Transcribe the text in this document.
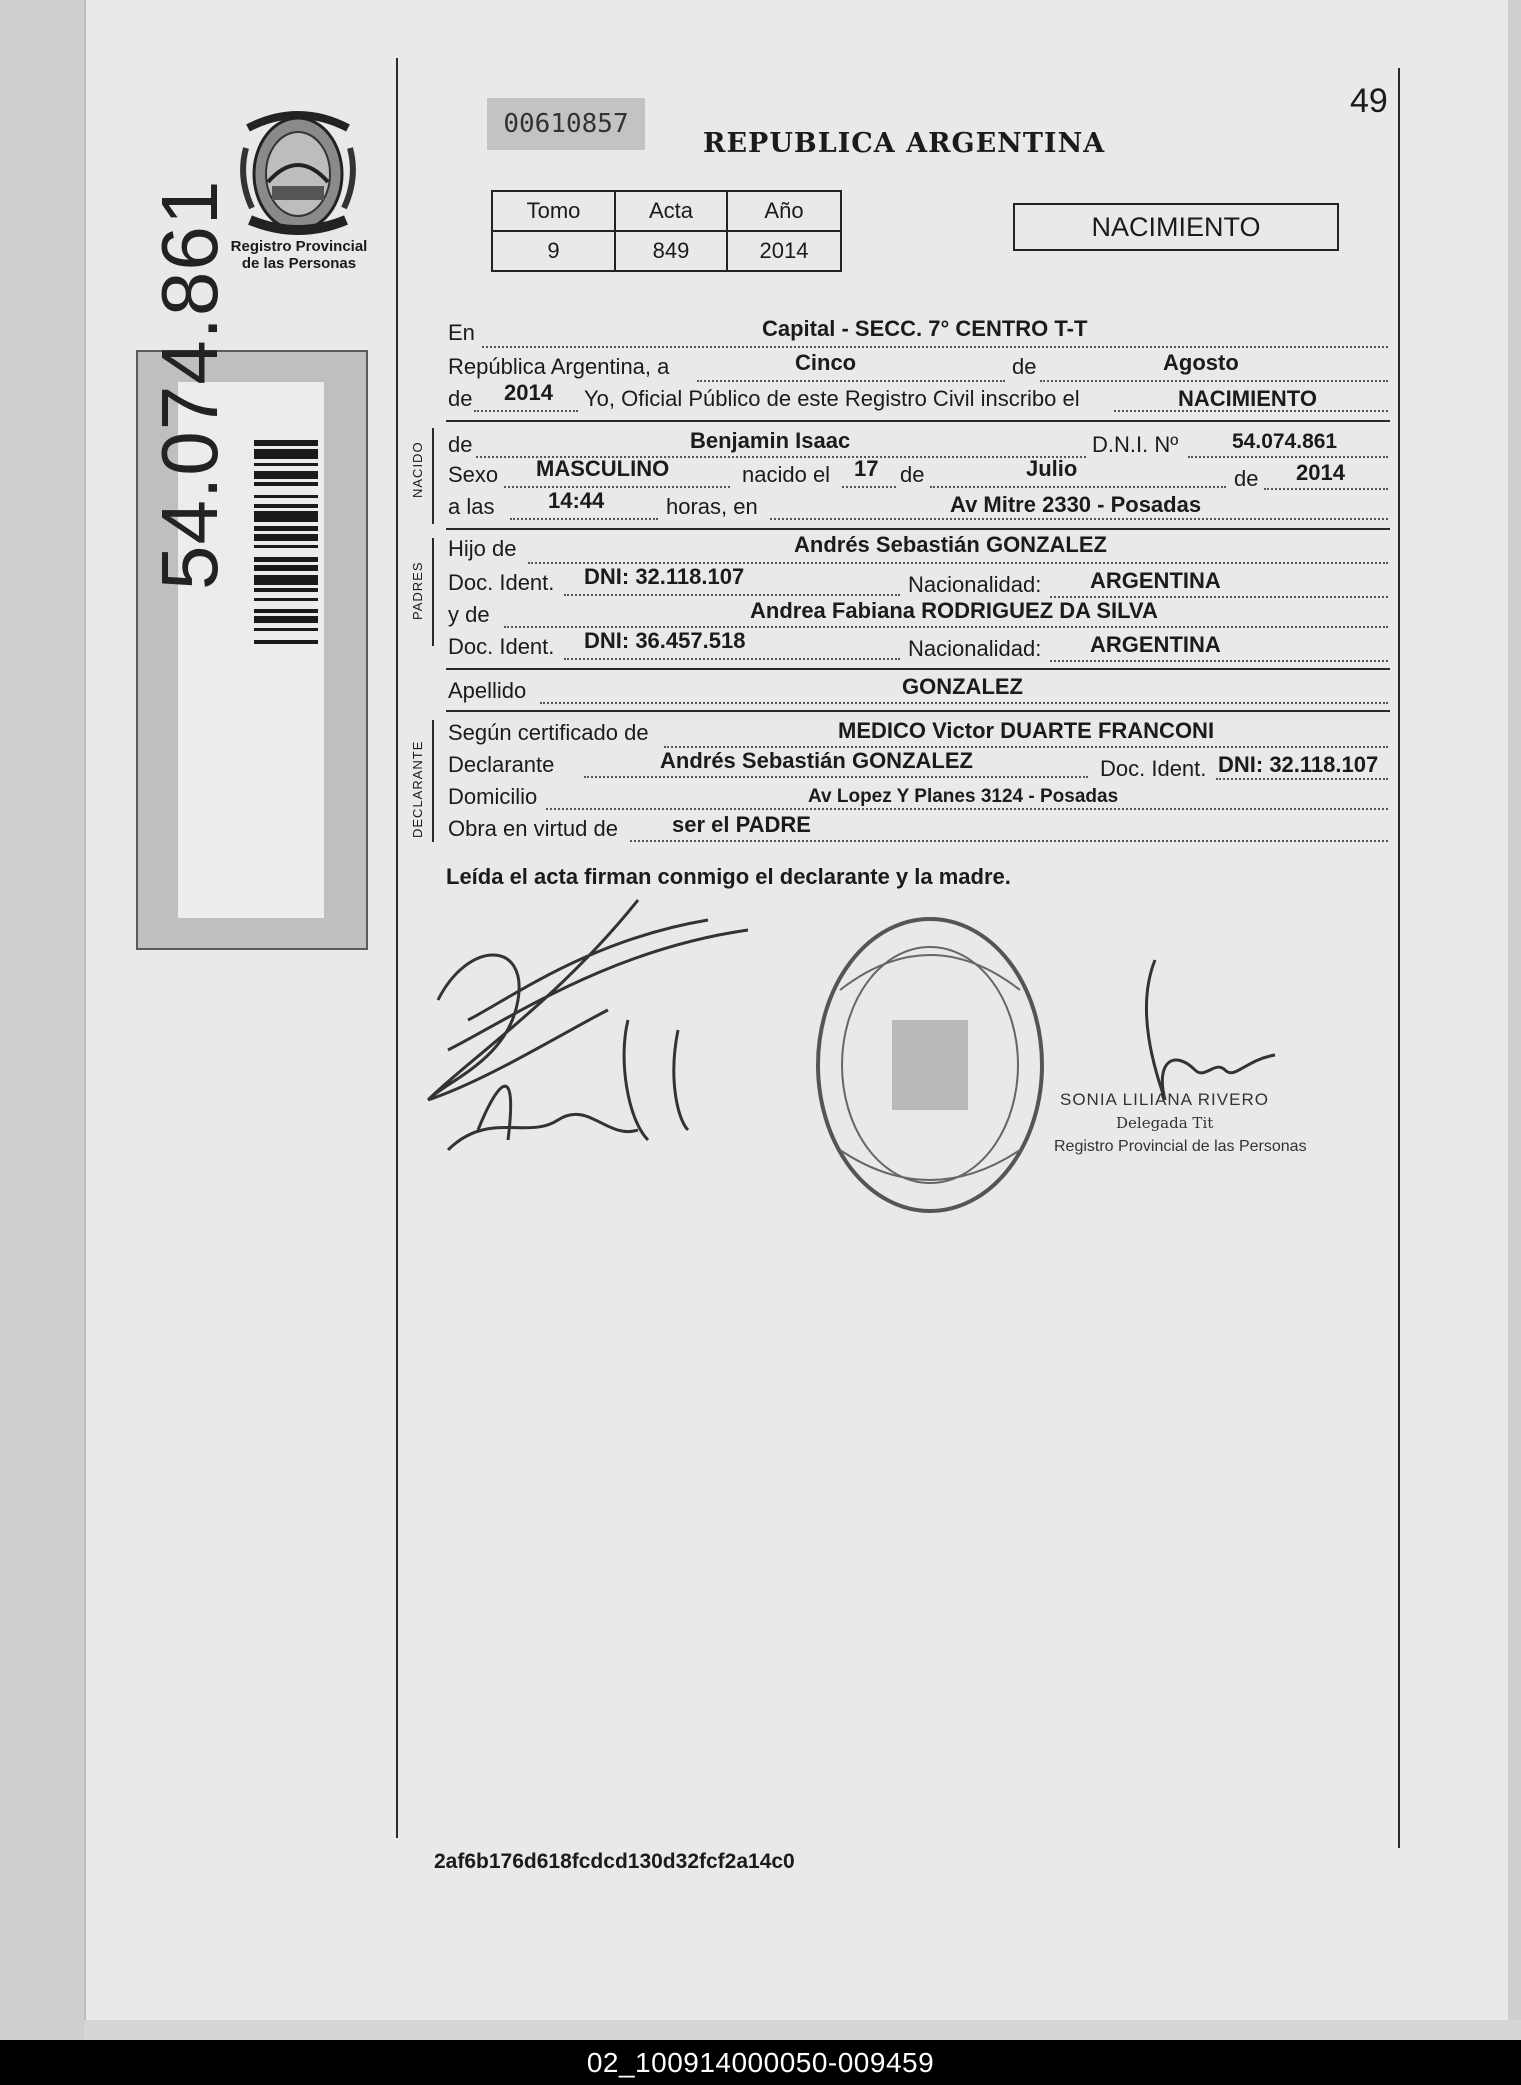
Registro Provincial
de las Personas
54.074.861
00610857
REPUBLICA ARGENTINA
49
Tomo	Acta	Año
9	849	2014
NACIMIENTO
En	Capital - SECC. 7° CENTRO T-T
República Argentina, a	Cinco	de	Agosto
de 2014 Yo, Oficial Público de este Registro Civil inscribo el	NACIMIENTO
NACIDO de	Benjamin Isaac	D.N.I. Nº	54.074.861
Sexo MASCULINO	nacido el 17 de	Julio	de 2014
a las 14:44	horas, en	Av Mitre 2330 - Posadas
PADRES
Hijo de	Andrés Sebastián GONZALEZ
Doc. Ident. DNI: 32.118.107	Nacionalidad: ARGENTINA
y de	Andrea Fabiana RODRIGUEZ DA SILVA
Doc. Ident. DNI: 36.457.518	Nacionalidad: ARGENTINA
Apellido	GONZALEZ
DECLARANTE
Según certificado de	MEDICO Victor DUARTE FRANCONI
Declarante	Andrés Sebastián GONZALEZ	Doc. Ident. DNI: 32.118.107
Domicilio	Av Lopez Y Planes 3124 - Posadas
Obra en virtud de ser el PADRE
Leída el acta firman conmigo el declarante y la madre.
SONIA LILIANA RIVERO
Delegada Tit
Registro Provincial de las Personas
2af6b176d618fcdcd130d32fcf2a14c0
02_100914000050-009459
